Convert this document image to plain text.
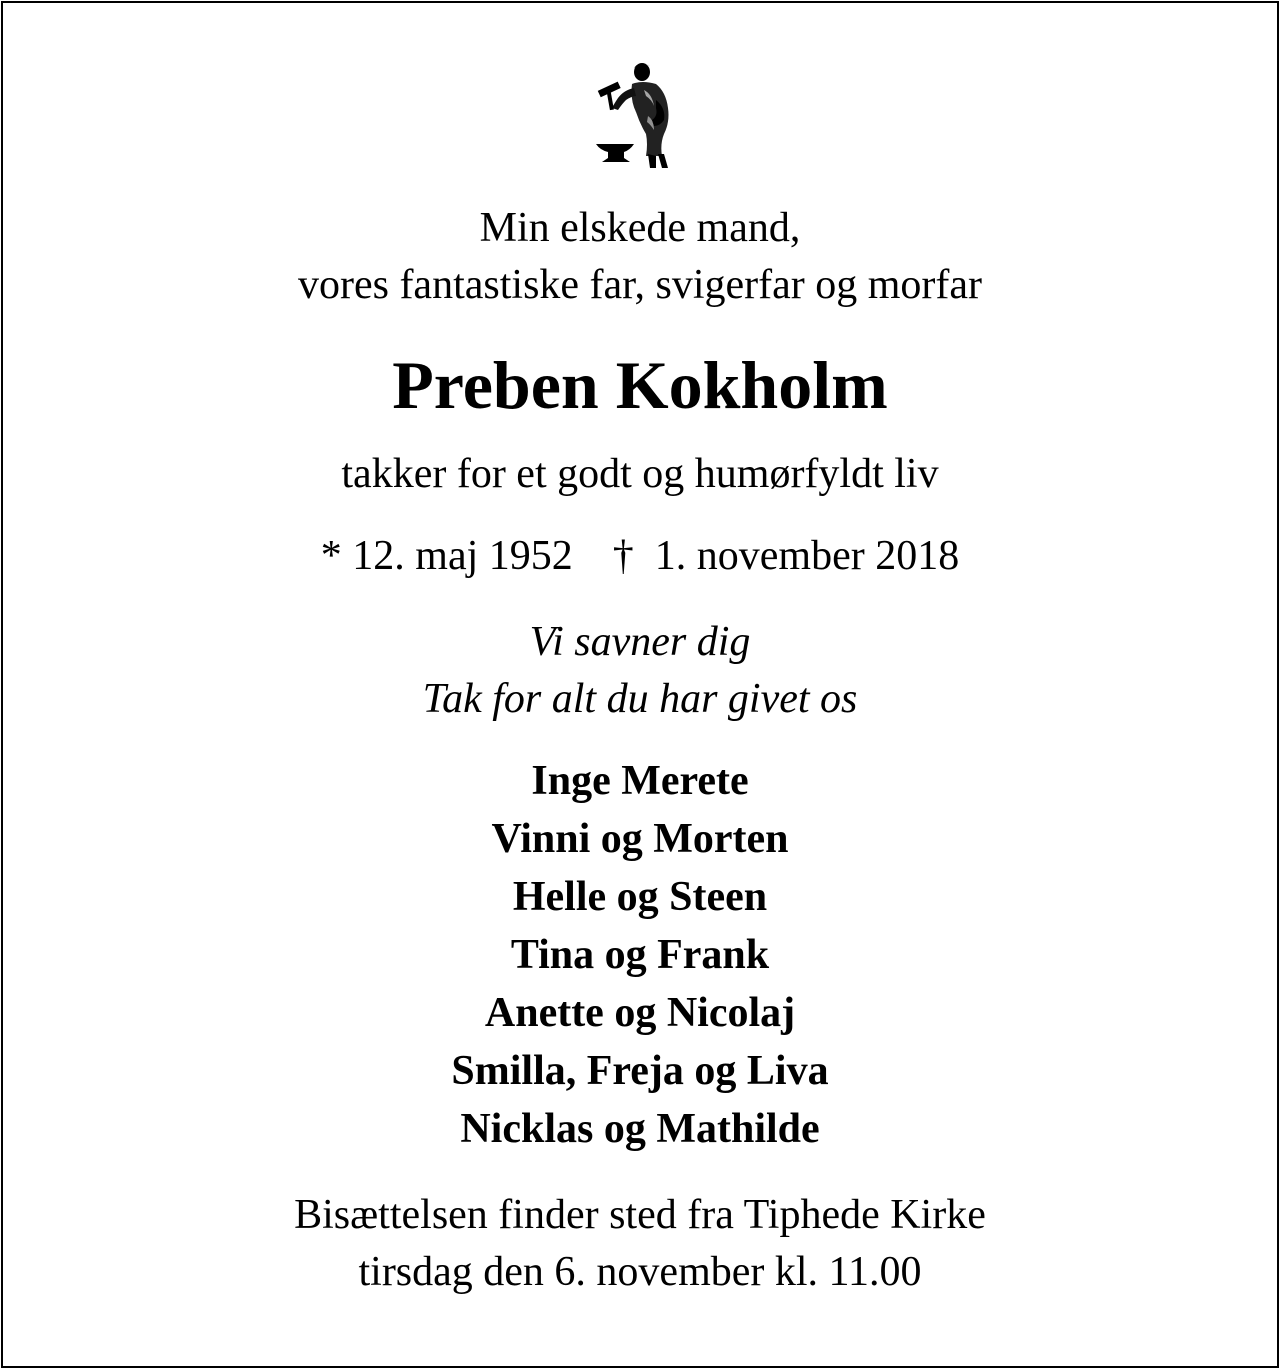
Min elskede mand,
vores fantastiske far, svigerfar og morfar
Preben Kokholm
takker for et godt og humørfyldt liv
* 12. maj 1952 † 1. november 2018
Vi savner dig
Tak for alt du har givet os
Inge Merete
Vinni og Morten
Helle og Steen
Tina og Frank
Anette og Nicolaj
Smilla, Freja og Liva
Nicklas og Mathilde
Bisættelsen finder sted fra Tiphede Kirke
tirsdag den 6. november kl. 11.00
